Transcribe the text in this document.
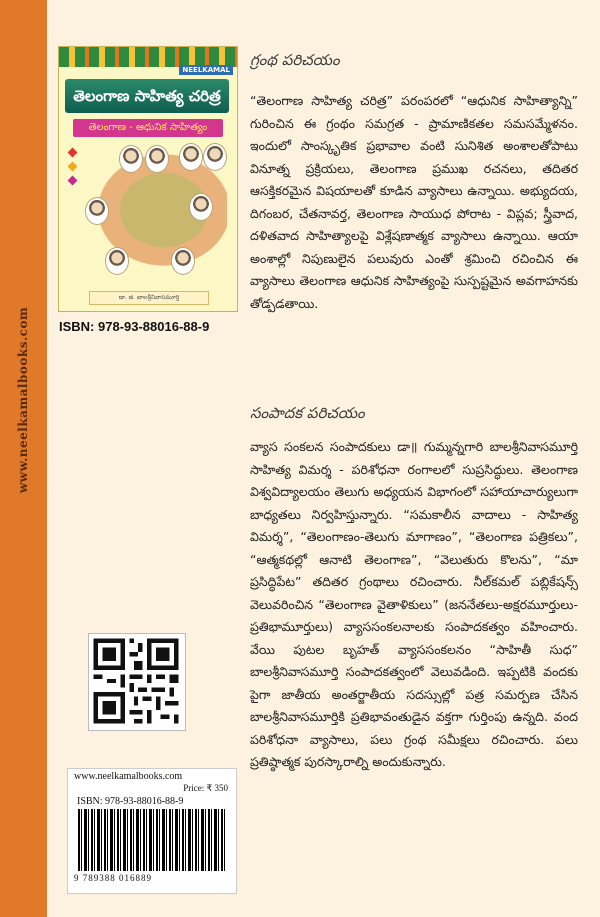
www.neelkamalbooks.com
NEELKAMAL
తెలంగాణ సాహిత్య చరిత్ర
తెలంగాణ - ఆధునిక సాహిత్యం
డా. జి. బాలశ్రీనివాసమూర్తి
ISBN: 978-93-88016-88-9
గ్రంథ పరిచయం

“తెలంగాణ సాహిత్య చరిత్ర” పరంపరలో “ఆధునిక సాహిత్యాన్ని” గురించిన ఈ గ్రంథం సమగ్రత - ప్రామాణికతల సమసమ్మేళనం. ఇందులో సాంస్కృతిక ప్రభావాల వంటి సునిశిత అంశాలతోపాటు వినూత్న ప్రక్రియలు, తెలంగాణ ప్రముఖ రచనలు, తదితర ఆసక్తికరమైన విషయాలతో కూడిన వ్యాసాలు ఉన్నాయి. అభ్యుదయ, దిగంబర, చేతనావర్త, తెలంగాణ సాయుధ పోరాట - విప్లవ; స్త్రీవాద, దళితవాద సాహిత్యాలపై విశ్లేషణాత్మక వ్యాసాలు ఉన్నాయి. ఆయా అంశాల్లో నిపుణులైన పలువురు ఎంతో శ్రమించి రచించిన ఈ వ్యాసాలు తెలంగాణ ఆధునిక సాహిత్యంపై సుస్పష్టమైన అవగాహనకు తోడ్పడతాయి.

సంపాదక పరిచయం

వ్యాస సంకలన సంపాదకులు డా॥ గుమ్మన్నగారి బాలశ్రీనివాసమూర్తి సాహిత్య విమర్శ - పరిశోధనా రంగాలలో సుప్రసిద్ధులు. తెలంగాణ విశ్వవిద్యాలయం తెలుగు అధ్యయన విభాగంలో సహాయాచార్యులుగా బాధ్యతలు నిర్వహిస్తున్నారు. “సమకాలీన వాదాలు - సాహిత్య విమర్శ”, “తెలంగాణం-తెలుగు మాగాణం”, “తెలంగాణ పత్రికలు”, “ఆత్మకథల్లో ఆనాటి తెలంగాణ”, “వెలుతురు కొలను”, “మా ప్రసిద్ధిపేట” తదితర గ్రంథాలు రచించారు. నీల్‌కమల్ పబ్లికేషన్స్ వెలువరించిన “తెలంగాణ వైతాళికులు” (జననేతలు-అక్షరమూర్తులు-ప్రతిభామూర్తులు) వ్యాససంకలనాలకు సంపాదకత్వం వహించారు. వేయి పుటల బృహత్ వ్యాససంకలనం “సాహితీ సుధ” బాలశ్రీనివాసమూర్తి సంపాదకత్వంలో వెలువడింది. ఇప్పటికి వందకు పైగా జాతీయ అంతర్జాతీయ సదస్సుల్లో పత్ర సమర్పణ చేసిన బాలశ్రీనివాసమూర్తికి ప్రతిభావంతుడైన వక్తగా గుర్తింపు ఉన్నది. వంద పరిశోధనా వ్యాసాలు, పలు గ్రంథ సమీక్షలు రచించారు. పలు ప్రతిష్ఠాత్మక పురస్కారాల్ని అందుకున్నారు.

www.neelkamalbooks.com
Price: ₹ 350
ISBN: 978-93-88016-88-9
9 789388 016889
